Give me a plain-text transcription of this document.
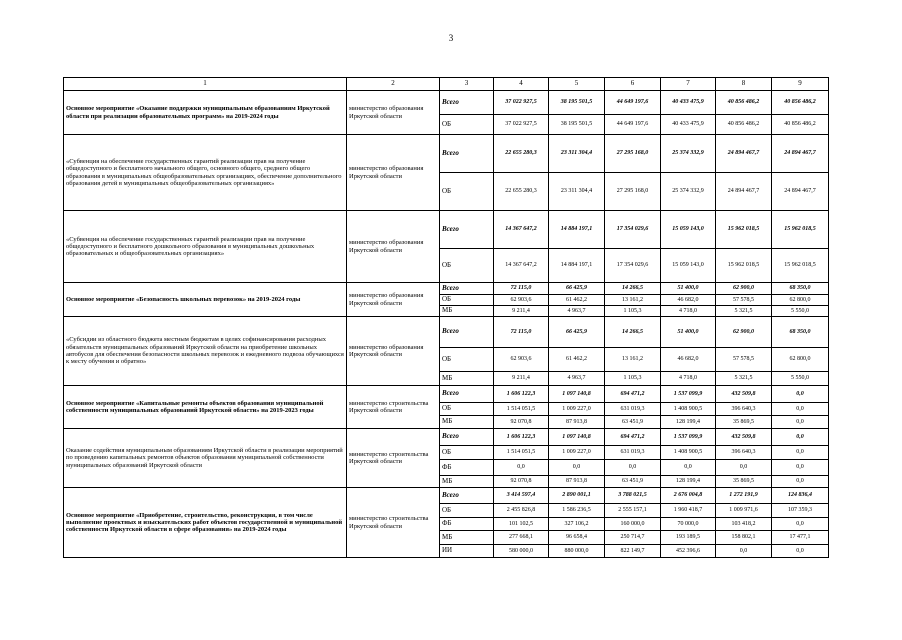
3
1	2	3	4	5	6	7	8	9
Основное мероприятие «Оказание поддержки муниципальным образованиям Иркутской области при реализации образовательных программ» на 2019-2024 годы	министерство образования Иркутской области	Всего	37 022 927,5	38 195 501,5	44 649 197,6	40 433 475,9	40 856 486,2	40 856 486,2
		ОБ	37 022 927,5	38 195 501,5	44 649 197,6	40 433 475,9	40 856 486,2	40 856 486,2
«Субвенция на обеспечение государственных гарантий реализации прав на получение общедоступного и бесплатного начального общего, основного общего, среднего общего образования в муниципальных общеобразовательных организациях, обеспечение дополнительного образования детей в муниципальных общеобразовательных организациях»	министерство образования Иркутской области	Всего	22 655 280,3	23 311 304,4	27 295 168,0	25 374 332,9	24 894 467,7	24 894 467,7
		ОБ	22 655 280,3	23 311 304,4	27 295 168,0	25 374 332,9	24 894 467,7	24 894 467,7
«Субвенция на обеспечение государственных гарантий реализации прав на получение общедоступного и бесплатного дошкольного образования в муниципальных дошкольных образовательных и общеобразовательных организациях»	министерство образования Иркутской области	Всего	14 367 647,2	14 884 197,1	17 354 029,6	15 059 143,0	15 962 018,5	15 962 018,5
		ОБ	14 367 647,2	14 884 197,1	17 354 029,6	15 059 143,0	15 962 018,5	15 962 018,5
Основное мероприятие «Безопасность школьных перевозок» на 2019-2024 годы	министерство образования Иркутской области	Всего	72 115,0	66 425,9	14 266,5	51 400,0	62 900,0	68 350,0
		ОБ	62 903,6	61 462,2	13 161,2	46 682,0	57 578,5	62 800,0
		МБ	9 211,4	4 963,7	1 105,3	4 718,0	5 321,5	5 550,0
«Субсидии из областного бюджета местным бюджетам в целях софинансирования расходных обязательств муниципальных образований Иркутской области на приобретение школьных автобусов для обеспечения безопасности школьных перевозок и ежедневного подвоза обучающихся к месту обучения и обратно»	министерство образования Иркутской области	Всего	72 115,0	66 425,9	14 266,5	51 400,0	62 900,0	68 350,0
		ОБ	62 903,6	61 462,2	13 161,2	46 682,0	57 578,5	62 800,0
		МБ	9 211,4	4 963,7	1 105,3	4 718,0	5 321,5	5 550,0
Основное мероприятие «Капитальные ремонты объектов образования муниципальной собственности муниципальных образований Иркутской области» на 2019-2023 годы	министерство строительства Иркутской области	Всего	1 606 122,3	1 097 140,8	694 471,2	1 537 099,9	432 509,8	0,0
		ОБ	1 514 051,5	1 009 227,0	631 019,3	1 408 900,5	396 640,3	0,0
		МБ	92 070,8	87 913,8	63 451,9	128 199,4	35 869,5	0,0
Оказание содействия муниципальным образованиям Иркутской области в реализации мероприятий по проведению капитальных ремонтов объектов образования муниципальной собственности муниципальных образований Иркутской области	министерство строительства Иркутской области	Всего	1 606 122,3	1 097 140,8	694 471,2	1 537 099,9	432 509,8	0,0
		ОБ	1 514 051,5	1 009 227,0	631 019,3	1 408 900,5	396 640,3	0,0
		ФБ	0,0	0,0	0,0	0,0	0,0	0,0
		МБ	92 070,8	87 913,8	63 451,9	128 199,4	35 869,5	0,0
Основное мероприятие «Приобретение, строительство, реконструкция, в том числе выполнение проектных и изыскательских работ объектов государственной и муниципальной собственности Иркутской области в сфере образования» на 2019-2024 годы	министерство строительства Иркутской области	Всего	3 414 597,4	2 890 001,1	3 788 021,5	2 676 004,8	1 272 191,9	124 836,4
		ОБ	2 455 826,8	1 586 236,5	2 555 157,1	1 960 418,7	1 009 971,6	107 359,3
		ФБ	101 102,5	327 106,2	160 000,0	70 000,0	103 418,2	0,0
		МБ	277 668,1	96 658,4	250 714,7	193 189,5	158 802,1	17 477,1
		ИИ	580 000,0	880 000,0	822 149,7	452 396,6	0,0	0,0
